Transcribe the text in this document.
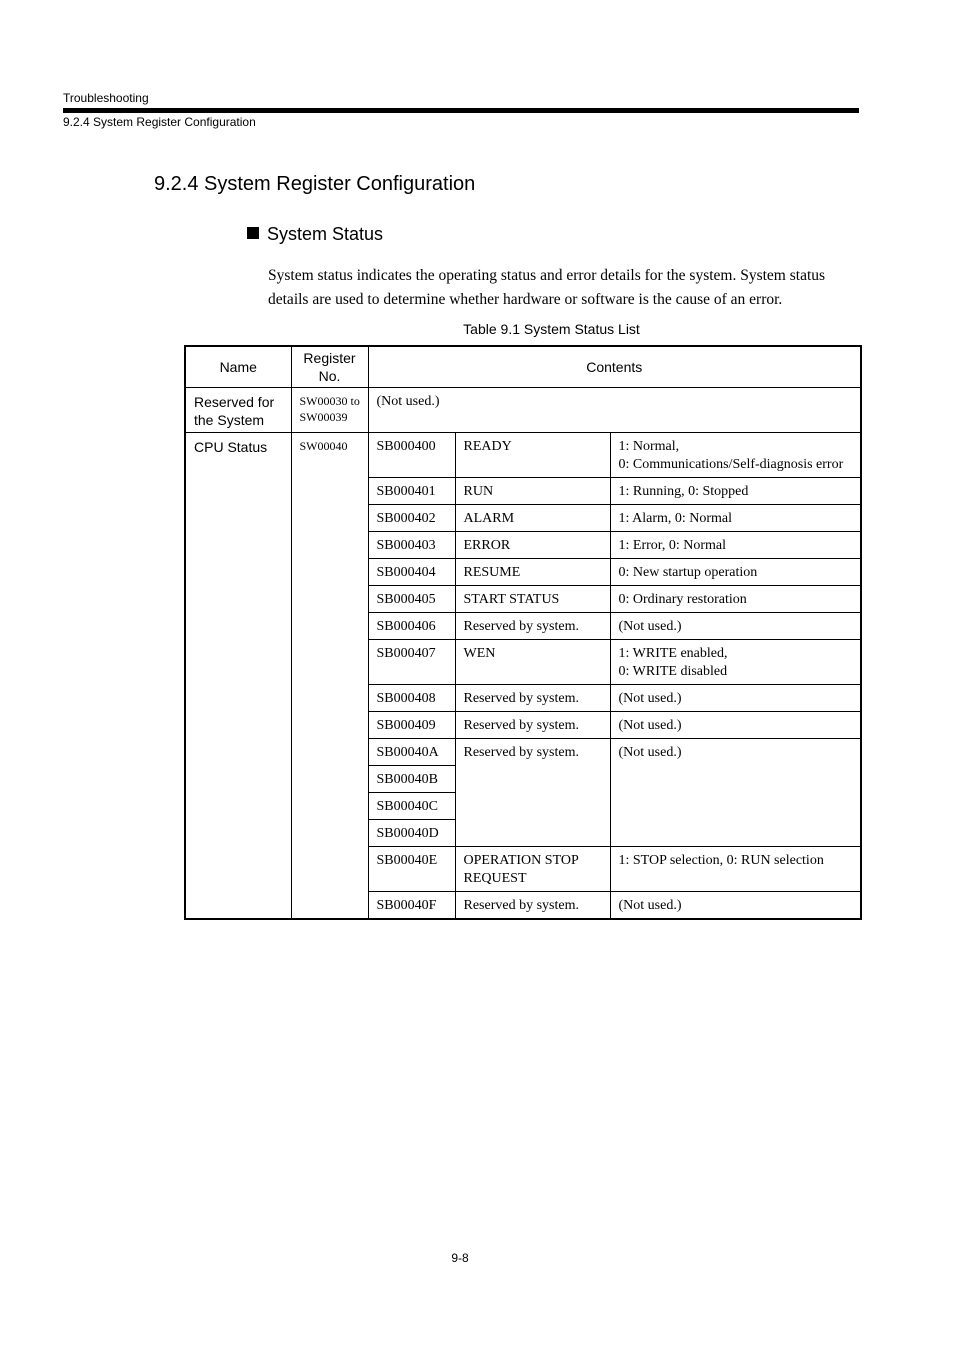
Troubleshooting
9.2.4 System Register Configuration
9.2.4 System Register Configuration
System Status
System status indicates the operating status and error details for the system. System status details are used to determine whether hardware or software is the cause of an error.
Table 9.1 System Status List
Name	Register No.	Contents		
Reserved for the System	SW00030 to SW00039	(Not used.)		
CPU Status	SW00040	SB000400	READY	1: Normal,
0: Communications/Self-diagnosis error
		SB000401	RUN	1: Running, 0: Stopped
		SB000402	ALARM	1: Alarm, 0: Normal
		SB000403	ERROR	1: Error, 0: Normal
		SB000404	RESUME	0: New startup operation
		SB000405	START STATUS	0: Ordinary restoration
		SB000406	Reserved by system.	(Not used.)
		SB000407	WEN	1: WRITE enabled,
0: WRITE disabled
		SB000408	Reserved by system.	(Not used.)
		SB000409	Reserved by system.	(Not used.)
		SB00040A	Reserved by system.	(Not used.)
		SB00040B		
		SB00040C		
		SB00040D		
		SB00040E	OPERATION STOP REQUEST	1: STOP selection, 0: RUN selection
		SB00040F	Reserved by system.	(Not used.)
9-8
